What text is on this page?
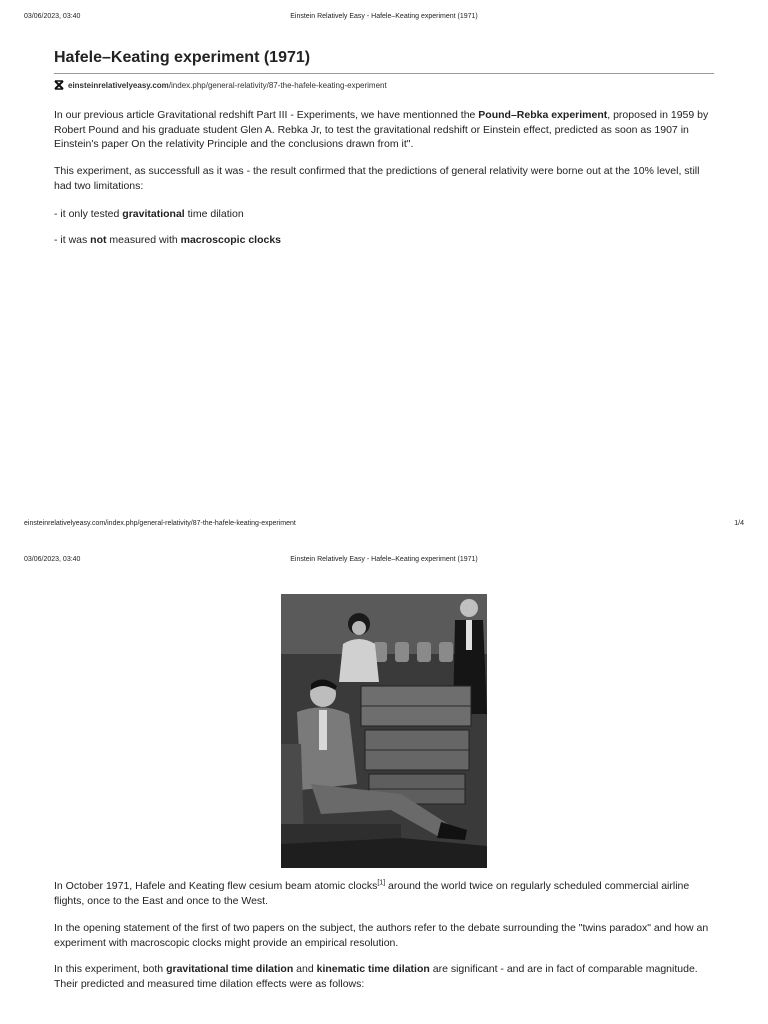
03/06/2023, 03:40	Einstein Relatively Easy - Hafele–Keating experiment (1971)
Hafele–Keating experiment (1971)
einsteinrelativelyeasy.com/index.php/general-relativity/87-the-hafele-keating-experiment

In our previous article Gravitational redshift Part III - Experiments, we have mentionned the Pound–Rebka experiment, proposed in 1959 by Robert Pound and his graduate student Glen A. Rebka Jr, to test the gravitational redshift or Einstein effect, predicted as soon as 1907 in Einstein's paper On the relativity Principle and the conclusions drawn from it".

This experiment, as successfull as it was - the result confirmed that the predictions of general relativity were borne out at the 10% level, still had two limitations:

- it only tested gravitational time dilation

- it was not measured with macroscopic clocks

einsteinrelativelyeasy.com/index.php/general-relativity/87-the-hafele-keating-experiment	1/4
03/06/2023, 03:40	Einstein Relatively Easy - Hafele–Keating experiment (1971)

In October 1971, Hafele and Keating flew cesium beam atomic clocks[1] around the world twice on regularly scheduled commercial airline flights, once to the East and once to the West.

In the opening statement of the first of two papers on the subject, the authors refer to the debate surrounding the "twins paradox" and how an experiment with macroscopic clocks might provide an empirical resolution.

In this experiment, both gravitational time dilation and kinematic time dilation are significant - and are in fact of comparable magnitude. Their predicted and measured time dilation effects were as follows:
